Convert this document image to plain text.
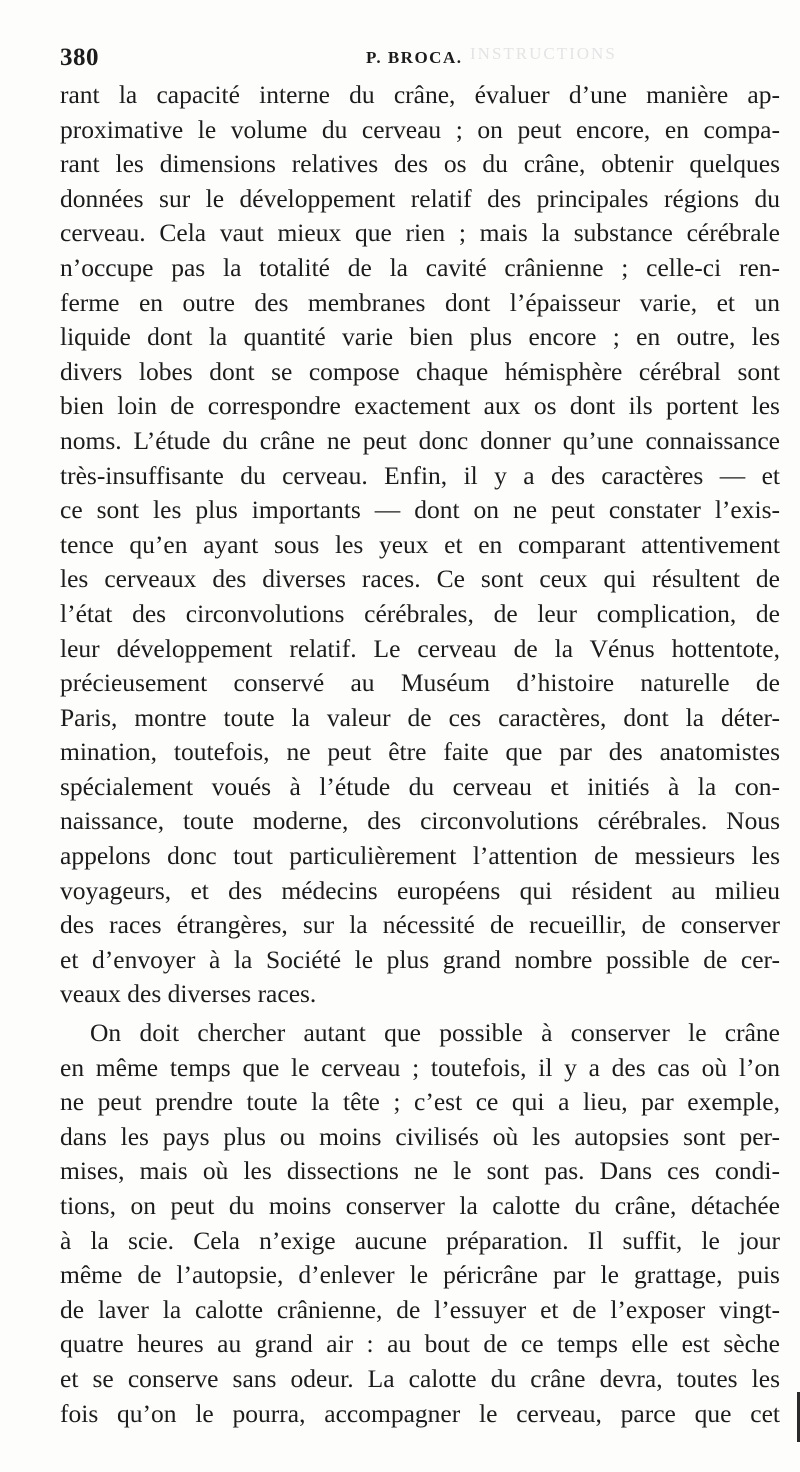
INSTRUCTIONS
380	P. BROCA.
rant la capacité interne du crâne, évaluer d’une manière ap-
proximative le volume du cerveau ; on peut encore, en compa-
rant les dimensions relatives des os du crâne, obtenir quelques
données sur le développement relatif des principales régions du
cerveau. Cela vaut mieux que rien ; mais la substance cérébrale
n’occupe pas la totalité de la cavité crânienne ; celle-ci ren-
ferme en outre des membranes dont l’épaisseur varie, et un
liquide dont la quantité varie bien plus encore ; en outre, les
divers lobes dont se compose chaque hémisphère cérébral sont
bien loin de correspondre exactement aux os dont ils portent les
noms. L’étude du crâne ne peut donc donner qu’une connaissance
très-insuffisante du cerveau. Enfin, il y a des caractères — et
ce sont les plus importants — dont on ne peut constater l’exis-
tence qu’en ayant sous les yeux et en comparant attentivement
les cerveaux des diverses races. Ce sont ceux qui résultent de
l’état des circonvolutions cérébrales, de leur complication, de
leur développement relatif. Le cerveau de la Vénus hottentote,
précieusement conservé au Muséum d’histoire naturelle de
Paris, montre toute la valeur de ces caractères, dont la déter-
mination, toutefois, ne peut être faite que par des anatomistes
spécialement voués à l’étude du cerveau et initiés à la con-
naissance, toute moderne, des circonvolutions cérébrales. Nous
appelons donc tout particulièrement l’attention de messieurs les
voyageurs, et des médecins européens qui résident au milieu
des races étrangères, sur la nécessité de recueillir, de conserver
et d’envoyer à la Société le plus grand nombre possible de cer-
veaux des diverses races.
On doit chercher autant que possible à conserver le crâne
en même temps que le cerveau ; toutefois, il y a des cas où l’on
ne peut prendre toute la tête ; c’est ce qui a lieu, par exemple,
dans les pays plus ou moins civilisés où les autopsies sont per-
mises, mais où les dissections ne le sont pas. Dans ces condi-
tions, on peut du moins conserver la calotte du crâne, détachée
à la scie. Cela n’exige aucune préparation. Il suffit, le jour
même de l’autopsie, d’enlever le péricrâne par le grattage, puis
de laver la calotte crânienne, de l’essuyer et de l’exposer vingt-
quatre heures au grand air : au bout de ce temps elle est sèche
et se conserve sans odeur. La calotte du crâne devra, toutes les
fois qu’on le pourra, accompagner le cerveau, parce que cet
